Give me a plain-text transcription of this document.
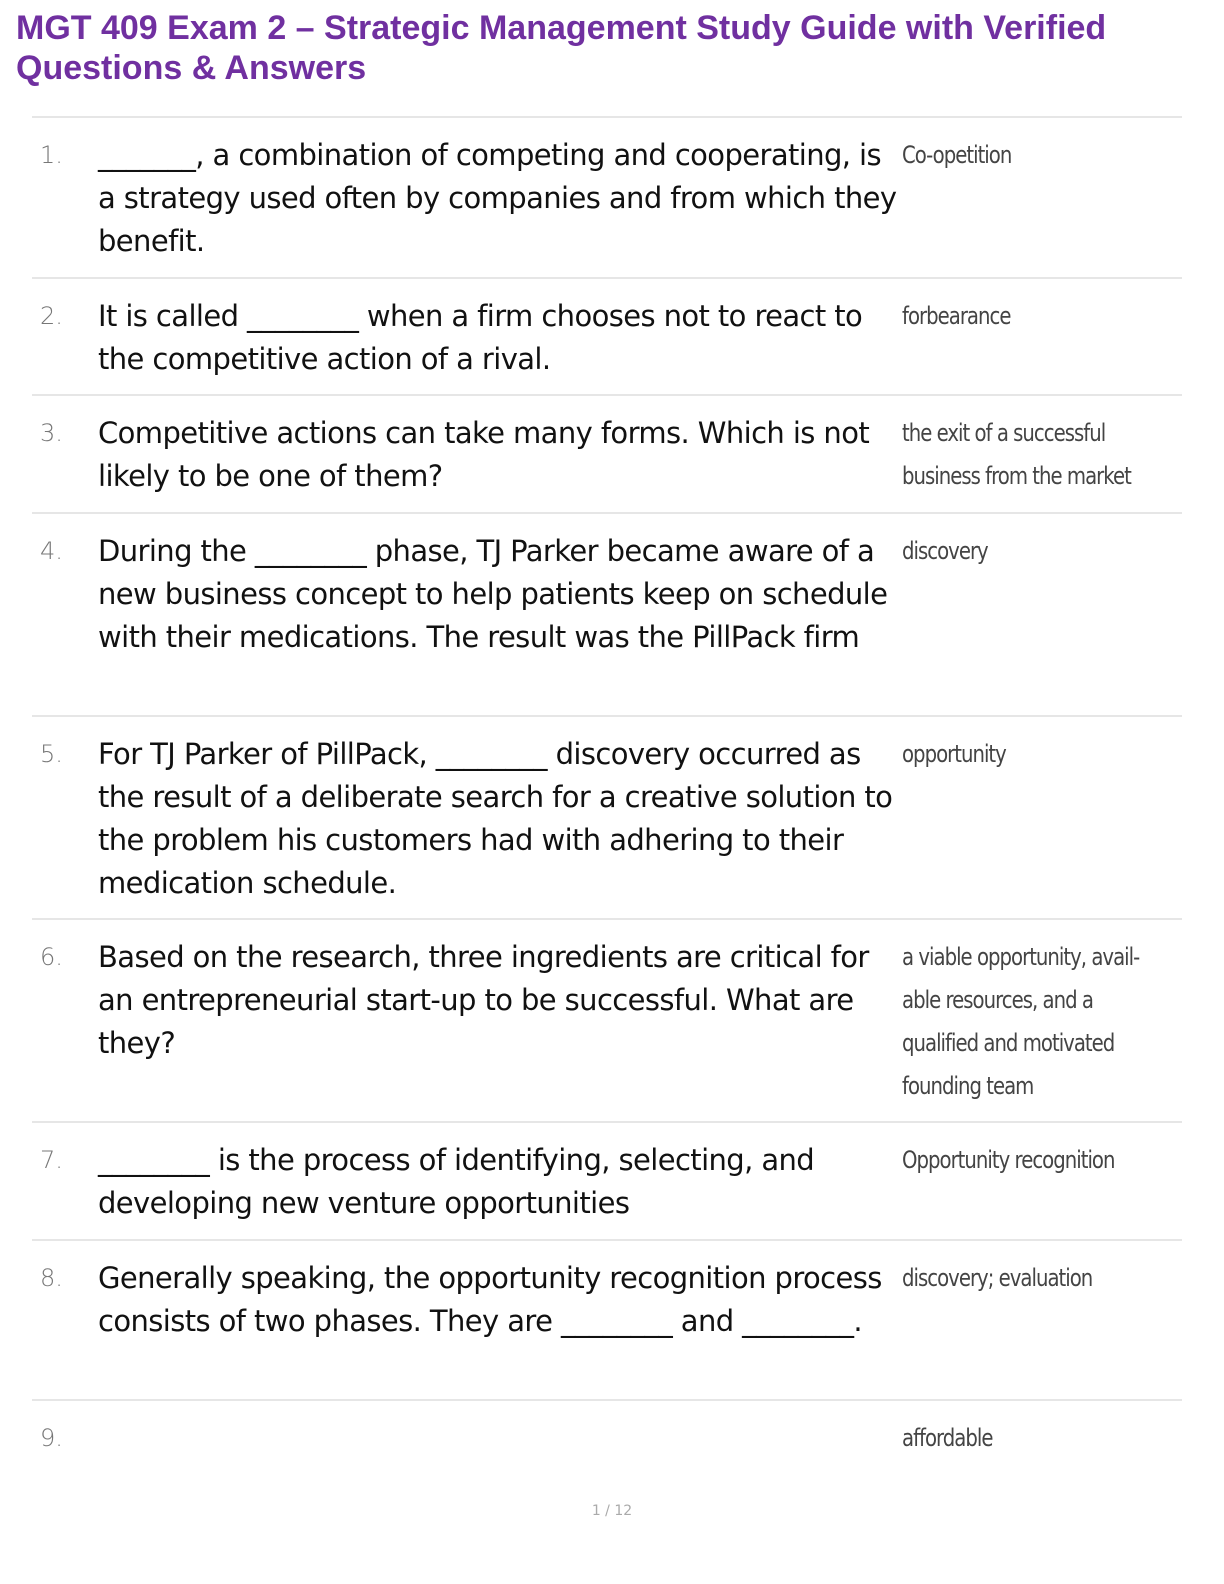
MGT 409 Exam 2 – Strategic Management Study Guide with Verified Questions & Answers
1. _______, a combination of competing and cooperating, is a strategy used often by companies and from which they benefit.
Co-opetition
2. It is called ________ when a firm chooses not to react to the competitive action of a rival.
forbearance
3. Competitive actions can take many forms. Which is not likely to be one of them?
the exit of a successful business from the market
4. During the ________ phase, TJ Parker became aware of a new business concept to help patients keep on schedule with their medications. The result was the PillPack firm
discovery
5. For TJ Parker of PillPack, ________ discovery occurred as the result of a deliberate search for a creative solution to the problem his customers had with adhering to their medication schedule.
opportunity
6. Based on the research, three ingredients are critical for an entrepreneurial start-up to be successful. What are they?
a viable opportunity, avail-able resources, and a qualified and motivated founding team
7. ________ is the process of identifying, selecting, and developing new venture opportunities
Opportunity recognition
8. Generally speaking, the opportunity recognition process consists of two phases. They are ________ and ________.
discovery; evaluation
9.	affordable
1 / 12
